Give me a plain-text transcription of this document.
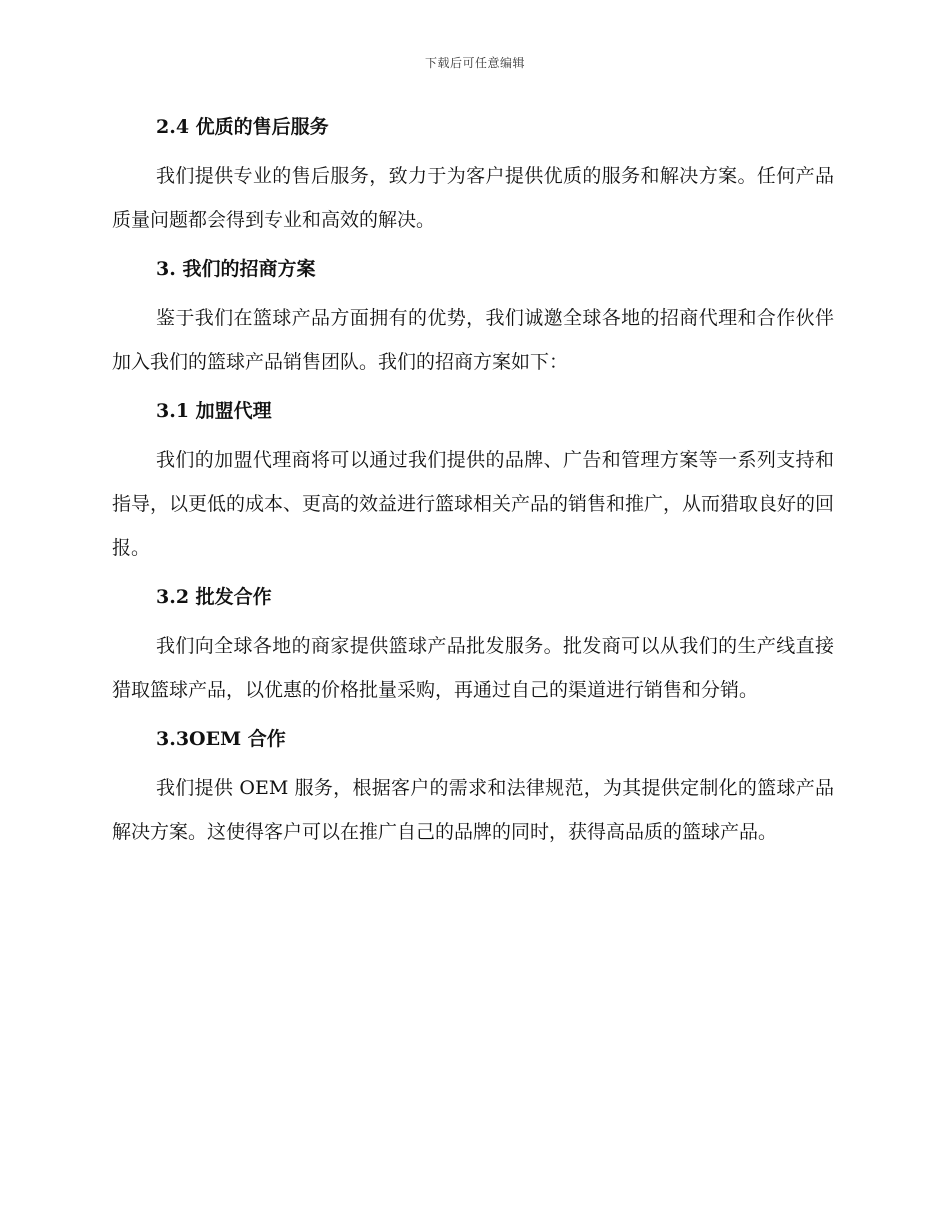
下载后可任意编辑
2.4 优质的售后服务

我们提供专业的售后服务，致力于为客户提供优质的服务和解决方案。任何产品质量问题都会得到专业和高效的解决。

3. 我们的招商方案

鉴于我们在篮球产品方面拥有的优势，我们诚邀全球各地的招商代理和合作伙伴加入我们的篮球产品销售团队。我们的招商方案如下：

3.1 加盟代理

我们的加盟代理商将可以通过我们提供的品牌、广告和管理方案等一系列支持和指导，以更低的成本、更高的效益进行篮球相关产品的销售和推广，从而猎取良好的回报。

3.2 批发合作

我们向全球各地的商家提供篮球产品批发服务。批发商可以从我们的生产线直接猎取篮球产品，以优惠的价格批量采购，再通过自己的渠道进行销售和分销。

3.3OEM 合作

我们提供 OEM 服务，根据客户的需求和法律规范，为其提供定制化的篮球产品解决方案。这使得客户可以在推广自己的品牌的同时，获得高品质的篮球产品。
